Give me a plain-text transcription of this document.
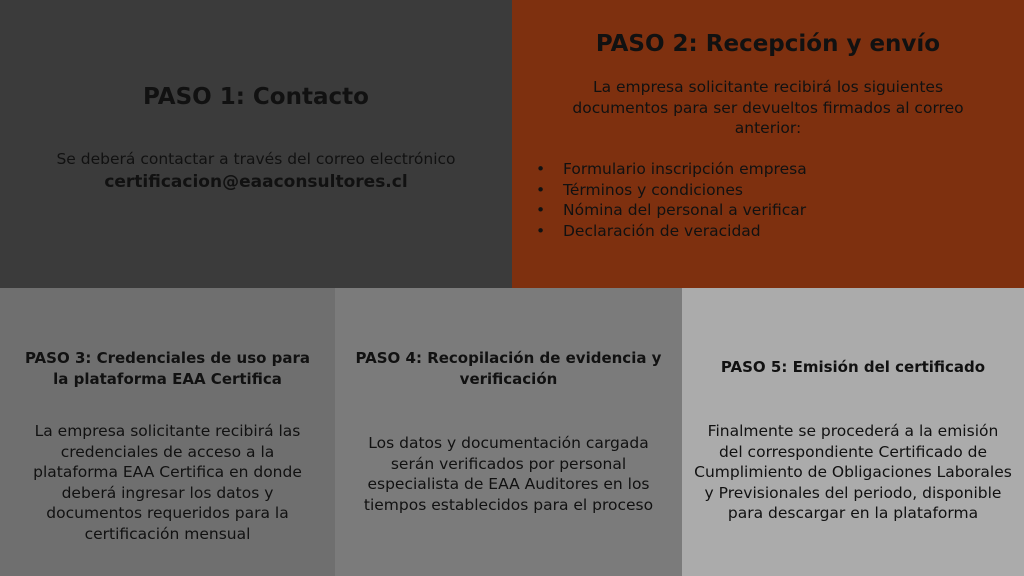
PASO 1: Contacto
Se deberá contactar a través del correo electrónico
certificacion@eaaconsultores.cl
PASO 2: Recepción y envío
La empresa solicitante recibirá los siguientes documentos para ser devueltos firmados al correo anterior:
• Formulario inscripción empresa
• Términos y condiciones
• Nómina del personal a verificar
• Declaración de veracidad
PASO 3: Credenciales de uso para la plataforma EAA Certifica
La empresa solicitante recibirá las credenciales de acceso a la plataforma EAA Certifica en donde deberá ingresar los datos y documentos requeridos para la certificación mensual
PASO 4: Recopilación de evidencia y verificación
Los datos y documentación cargada serán verificados por personal especialista de EAA Auditores en los tiempos establecidos para el proceso
PASO 5: Emisión del certificado
Finalmente se procederá a la emisión del correspondiente Certificado de Cumplimiento de Obligaciones Laborales y Previsionales del periodo, disponible para descargar en la plataforma
